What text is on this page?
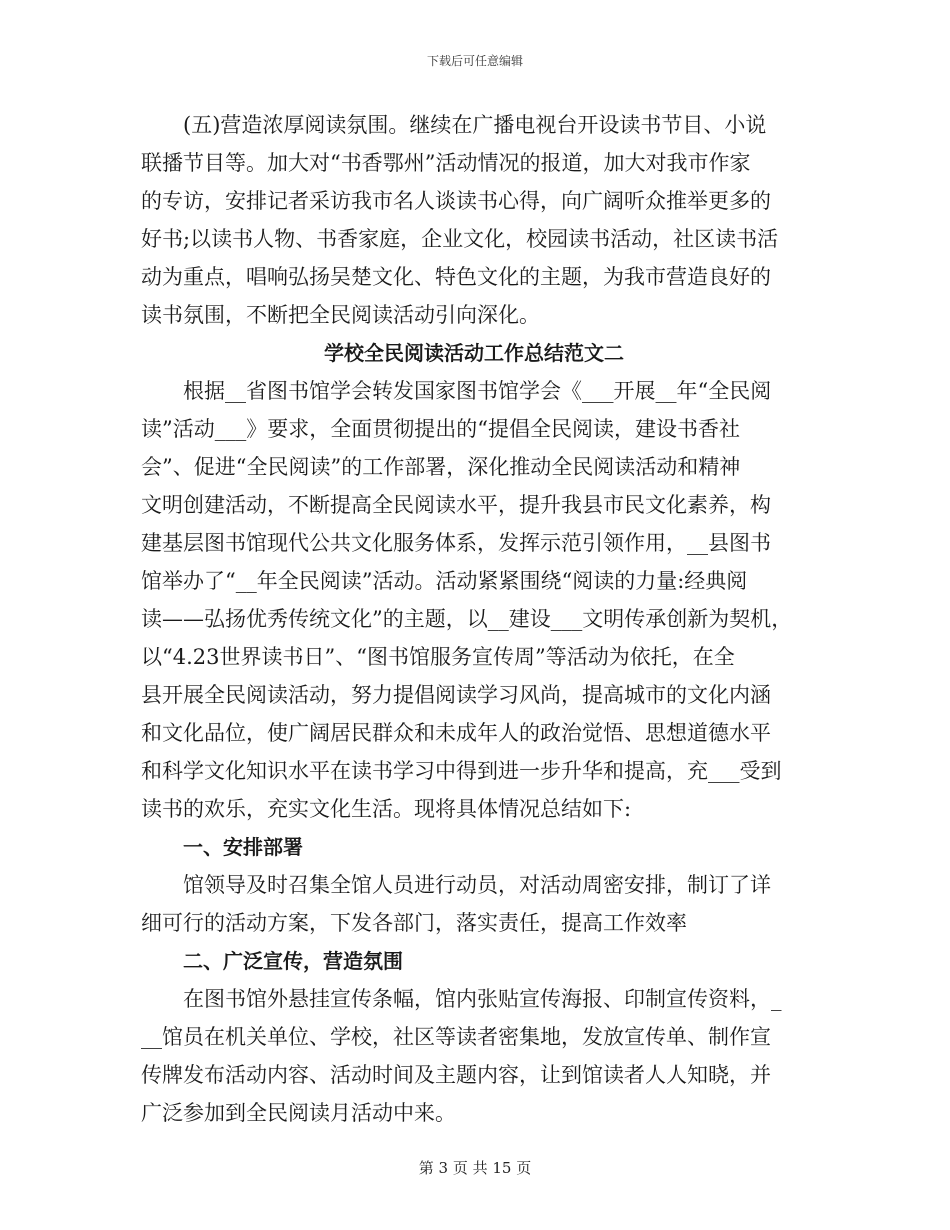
下载后可任意编辑
(五)营造浓厚阅读氛围。继续在广播电视台开设读书节目、小说
联播节目等。加大对“书香鄂州”活动情况的报道，加大对我市作家
的专访，安排记者采访我市名人谈读书心得，向广阔听众推举更多的
好书;以读书人物、书香家庭，企业文化，校园读书活动，社区读书活
动为重点，唱响弘扬吴楚文化、特色文化的主题，为我市营造良好的
读书氛围，不断把全民阅读活动引向深化。
学校全民阅读活动工作总结范文二
根据__省图书馆学会转发国家图书馆学会《___开展__年“全民阅
读”活动___》要求，全面贯彻提出的“提倡全民阅读，建设书香社
会”、促进“全民阅读”的工作部署，深化推动全民阅读活动和精神
文明创建活动，不断提高全民阅读水平，提升我县市民文化素养，构
建基层图书馆现代公共文化服务体系，发挥示范引领作用，__县图书
馆举办了“__年全民阅读”活动。活动紧紧围绕“阅读的力量:经典阅
读——弘扬优秀传统文化”的主题，以__建设___文明传承创新为契机，
以“4.23世界读书日”、“图书馆服务宣传周”等活动为依托，在全
县开展全民阅读活动，努力提倡阅读学习风尚，提高城市的文化内涵
和文化品位，使广阔居民群众和未成年人的政治觉悟、思想道德水平
和科学文化知识水平在读书学习中得到进一步升华和提高，充___受到
读书的欢乐，充实文化生活。现将具体情况总结如下:
一、安排部署
馆领导及时召集全馆人员进行动员，对活动周密安排，制订了详
细可行的活动方案，下发各部门，落实责任，提高工作效率
二、广泛宣传，营造氛围
在图书馆外悬挂宣传条幅，馆内张贴宣传海报、印制宣传资料，_
__馆员在机关单位、学校，社区等读者密集地，发放宣传单、制作宣
传牌发布活动内容、活动时间及主题内容，让到馆读者人人知晓，并
广泛参加到全民阅读月活动中来。
第 3 页 共 15 页
